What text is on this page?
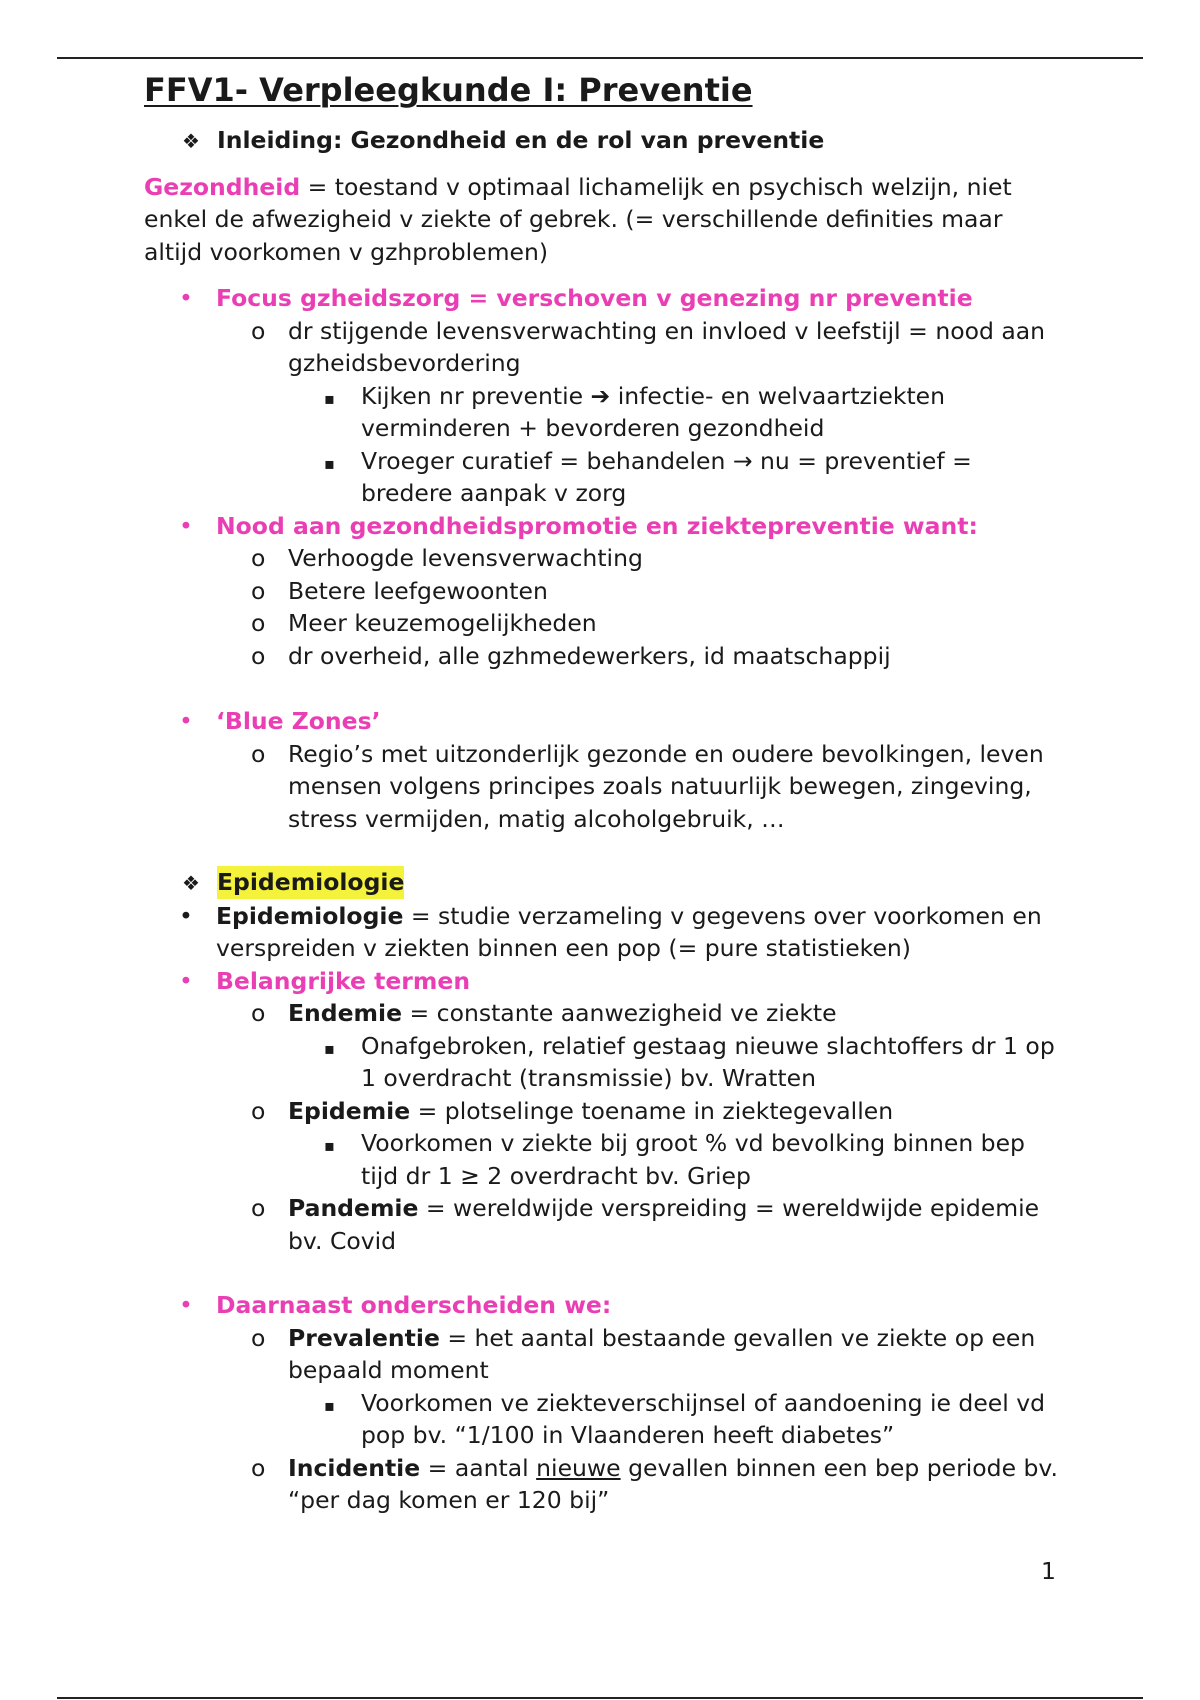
FFV1- Verpleegkunde I: Preventie
❖ Inleiding: Gezondheid en de rol van preventie

Gezondheid = toestand v optimaal lichamelijk en psychisch welzijn, niet enkel de afwezigheid v ziekte of gebrek. (= verschillende definities maar altijd voorkomen v gzhproblemen)

• Focus gzheidszorg = verschoven v genezing nr preventie
o dr stijgende levensverwachting en invloed v leefstijl = nood aan gzheidsbevordering
▪	Kijken nr preventie ➔ infectie- en welvaartziekten verminderen + bevorderen gezondheid
▪	Vroeger curatief = behandelen → nu = preventief = bredere aanpak v zorg
• Nood aan gezondheidspromotie en ziektepreventie want:
o Verhoogde levensverwachting
o Betere leefgewoonten
o Meer keuzemogelijkheden
o dr overheid, alle gzhmedewerkers, id maatschappij
• ‘Blue Zones’
o Regio’s met uitzonderlijk gezonde en oudere bevolkingen, leven mensen volgens principes zoals natuurlijk bewegen, zingeving, stress vermijden, matig alcoholgebruik, …
❖ Epidemiologie
• Epidemiologie = studie verzameling v gegevens over voorkomen en verspreiden v ziekten binnen een pop (= pure statistieken)
• Belangrijke termen
o Endemie = constante aanwezigheid ve ziekte
▪	Onafgebroken, relatief gestaag nieuwe slachtoffers dr 1 op 1 overdracht (transmissie) bv. Wratten
o Epidemie = plotselinge toename in ziektegevallen
▪	Voorkomen v ziekte bij groot % vd bevolking binnen bep tijd dr 1 ≥ 2 overdracht bv. Griep
o Pandemie = wereldwijde verspreiding = wereldwijde epidemie bv. Covid
• Daarnaast onderscheiden we:
o Prevalentie = het aantal bestaande gevallen ve ziekte op een bepaald moment
▪	Voorkomen ve ziekteverschijnsel of aandoening ie deel vd pop bv. “1/100 in Vlaanderen heeft diabetes”
o Incidentie = aantal nieuwe gevallen binnen een bep periode bv. “per dag komen er 120 bij”
1
